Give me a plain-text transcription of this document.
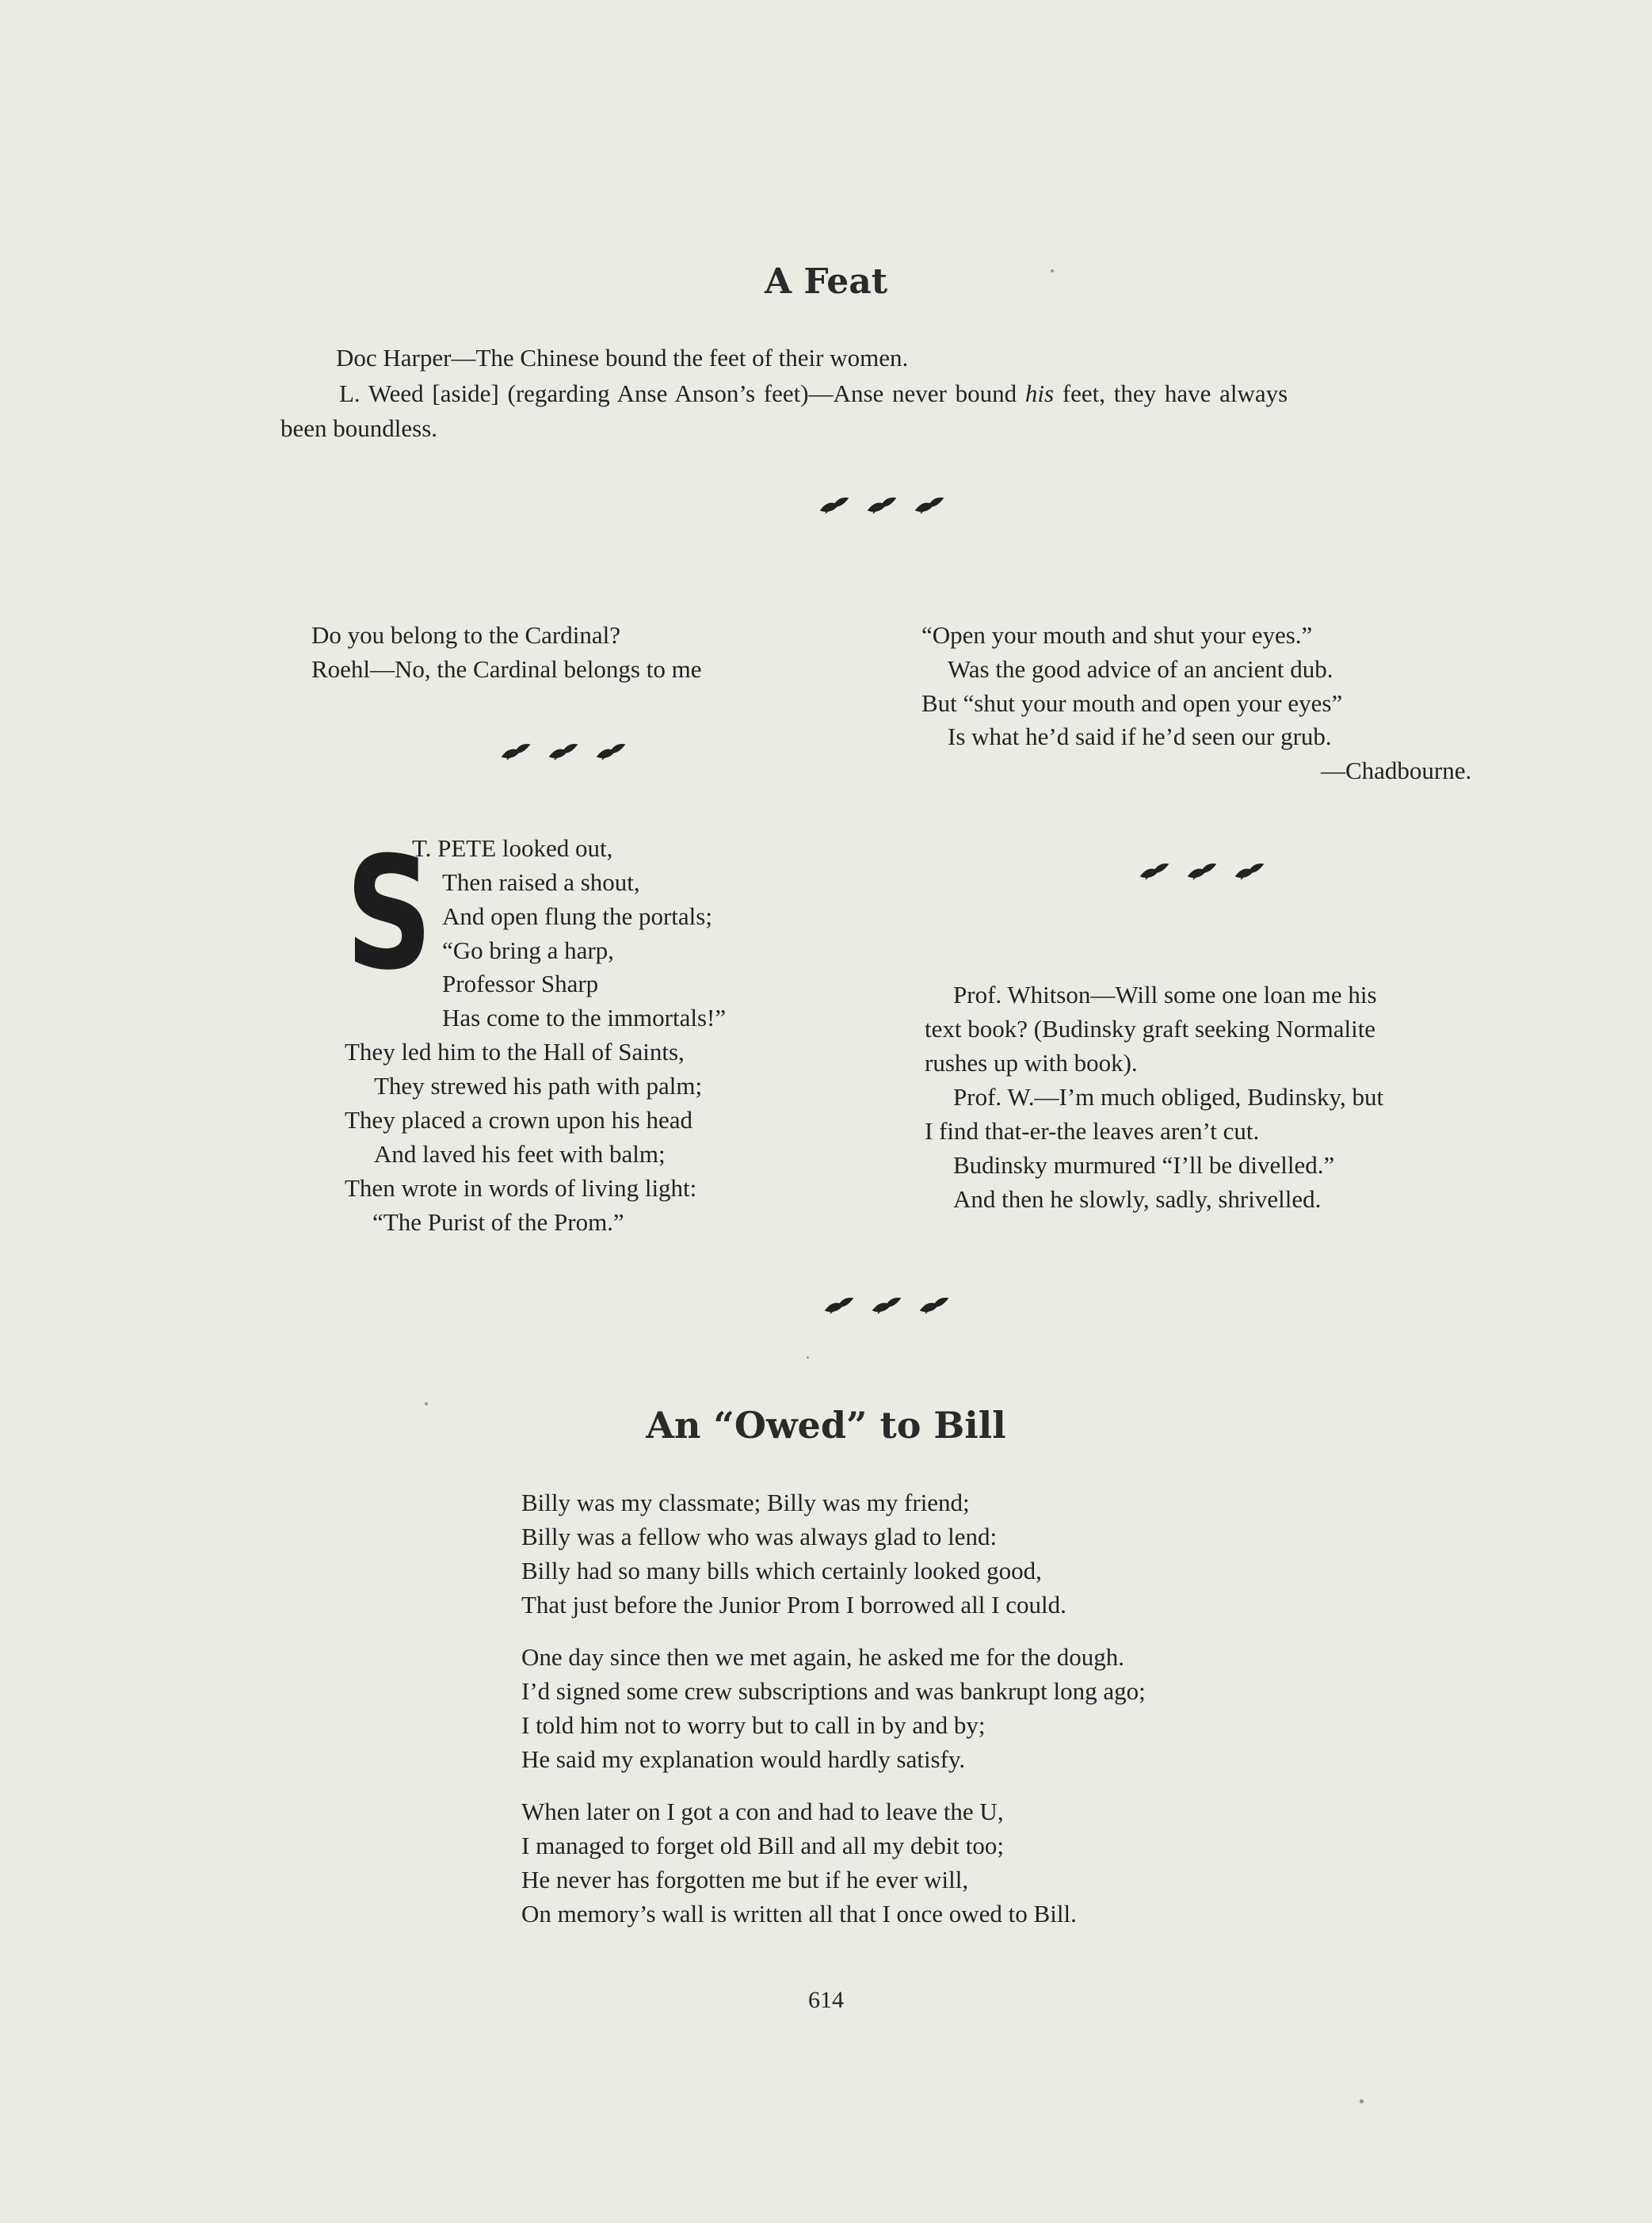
A Feat

Doc Harper—The Chinese bound the feet of their women.

L. Weed [aside] (regarding Anse Anson’s feet)—Anse never bound his feet, they have always

been boundless.

Do you belong to the Cardinal?

Roehl—No, the Cardinal belongs to me

“Open your mouth and shut your eyes.”

Was the good advice of an ancient dub.

But “shut your mouth and open your eyes”

Is what he’d said if he’d seen our grub.

—Chadbourne.

S

T. PETE looked out,

Then raised a shout,

And open flung the portals;

“Go bring a harp,

Professor Sharp

Has come to the immortals!”

They led him to the Hall of Saints,

They strewed his path with palm;

They placed a crown upon his head

And laved his feet with balm;

Then wrote in words of living light:

“The Purist of the Prom.”

Prof. Whitson—Will some one loan me his

text book? (Budinsky graft seeking Normalite

rushes up with book).

Prof. W.—I’m much obliged, Budinsky, but

I find that-er-the leaves aren’t cut.

Budinsky murmured “I’ll be divelled.”

And then he slowly, sadly, shrivelled.

An “Owed” to Bill

Billy was my classmate; Billy was my friend;

Billy was a fellow who was always glad to lend:

Billy had so many bills which certainly looked good,

That just before the Junior Prom I borrowed all I could.

One day since then we met again, he asked me for the dough.

I’d signed some crew subscriptions and was bankrupt long ago;

I told him not to worry but to call in by and by;

He said my explanation would hardly satisfy.

When later on I got a con and had to leave the U,

I managed to forget old Bill and all my debit too;

He never has forgotten me but if he ever will,

On memory’s wall is written all that I once owed to Bill.

614
